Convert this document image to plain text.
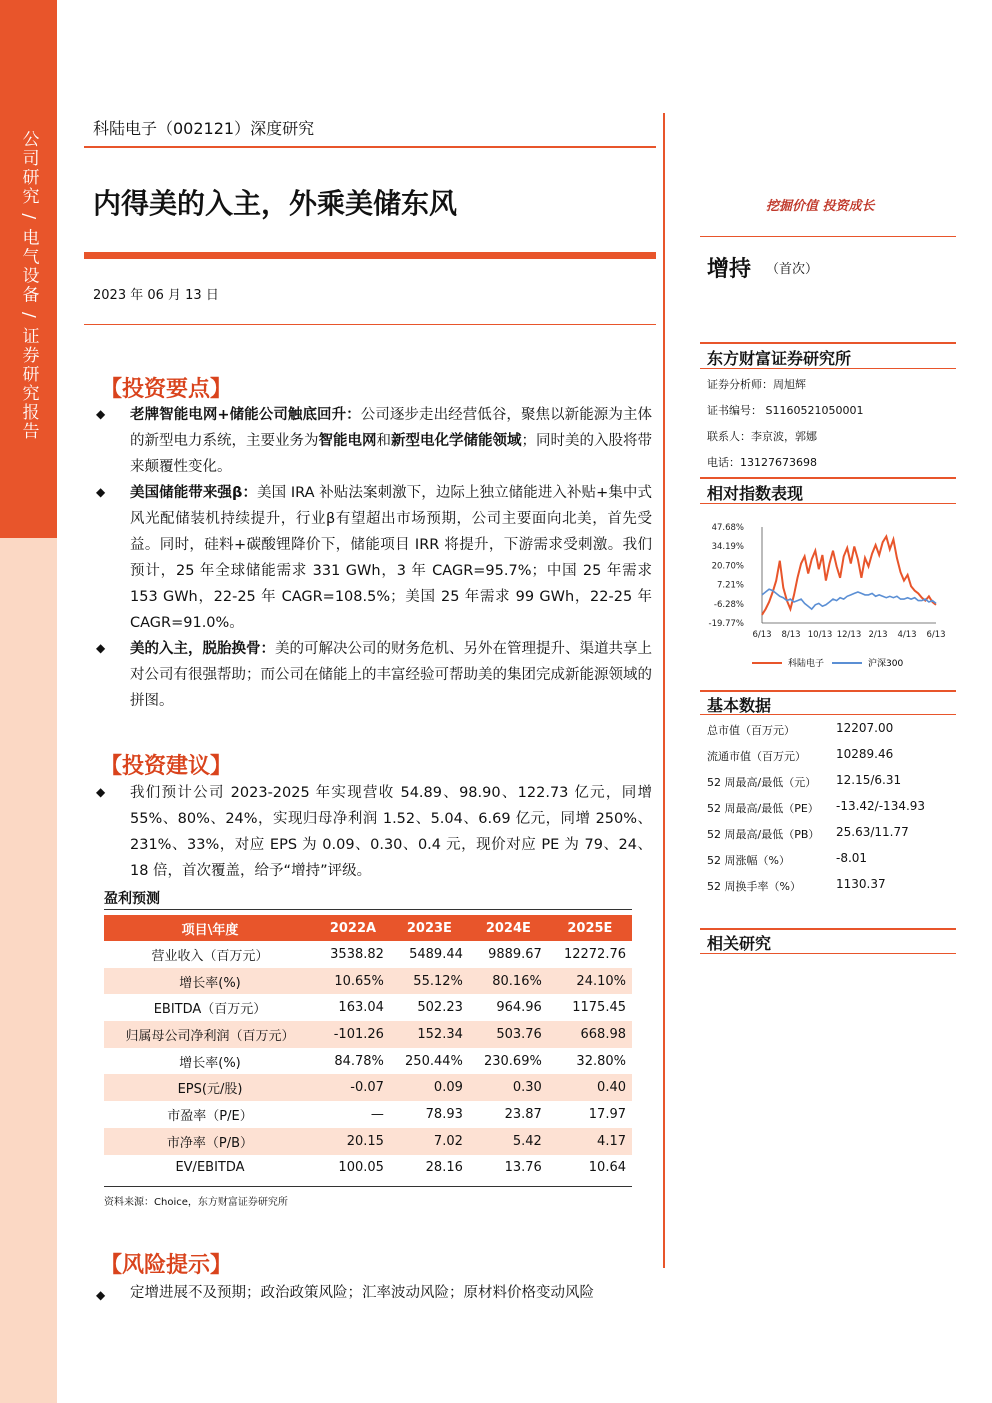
公司研究 / 电气设备 / 证券研究报告
科陆电子（002121）深度研究
内得美的入主，外乘美储东风
2023 年 06 月 13 日
挖掘价值 投资成长
增持 （首次）
东方财富证券研究所
证券分析师：周旭辉
证书编号： S1160521050001
联系人：李京波，郭娜
电话：13127673698
相对指数表现
47.68%
34.19%
20.70%
7.21%
-6.28%
-19.77%
6/13 8/13 10/13 12/13 2/13 4/13 6/13
科陆电子	沪深300
基本数据
总市值（百万元）	12207.00
流通市值（百万元）	10289.46
52 周最高/最低（元） 12.15/6.31
52 周最高/最低（PE） -13.42/-134.93
52 周最高/最低（PB） 25.63/11.77
52 周涨幅（%）	-8.01
52 周换手率（%）	1130.37
相关研究
【投资要点】
◆ 老牌智能电网+储能公司触底回升：公司逐步走出经营低谷，聚焦以新能源为主体的新型电力系统，主要业务为智能电网和新型电化学储能领域；同时美的入股将带来颠覆性变化。
◆ 美国储能带来强β：美国 IRA 补贴法案刺激下，边际上独立储能进入补贴+集中式风光配储装机持续提升，行业β有望超出市场预期，公司主要面向北美，首先受益。同时，硅料+碳酸锂降价下，储能项目 IRR 将提升，下游需求受刺激。我们预计，25 年全球储能需求 331 GWh，3 年 CAGR=95.7%；中国 25 年需求 153 GWh，22-25 年 CAGR=108.5%；美国 25 年需求 99 GWh，22-25 年 CAGR=91.0%。
◆ 美的入主，脱胎换骨：美的可解决公司的财务危机、另外在管理提升、渠道共享上对公司有很强帮助；而公司在储能上的丰富经验可帮助美的集团完成新能源领域的拼图。
【投资建议】
◆ 我们预计公司 2023-2025 年实现营收 54.89、98.90、122.73 亿元，同增 55%、80%、24%，实现归母净利润 1.52、5.04、6.69 亿元，同增 250%、231%、33%，对应 EPS 为 0.09、0.30、0.4 元，现价对应 PE 为 79、24、18 倍，首次覆盖，给予“增持”评级。
盈利预测
项目\年度	2022A	2023E	2024E	2025E
营业收入（百万元）	3538.82	5489.44	9889.67	12272.76
增长率(%)	10.65%	55.12%	80.16%	24.10%
EBITDA（百万元）	163.04	502.23	964.96	1175.45
归属母公司净利润（百万元）	-101.26	152.34	503.76	668.98
增长率(%)	84.78%	250.44%	230.69%	32.80%
EPS(元/股)	-0.07	0.09	0.30	0.40
市盈率（P/E）	—	78.93	23.87	17.97
市净率（P/B）	20.15	7.02	5.42	4.17
EV/EBITDA	100.05	28.16	13.76	10.64
资料来源：Choice，东方财富证券研究所
【风险提示】
◆ 定增进展不及预期；政治政策风险；汇率波动风险；原材料价格变动风险
